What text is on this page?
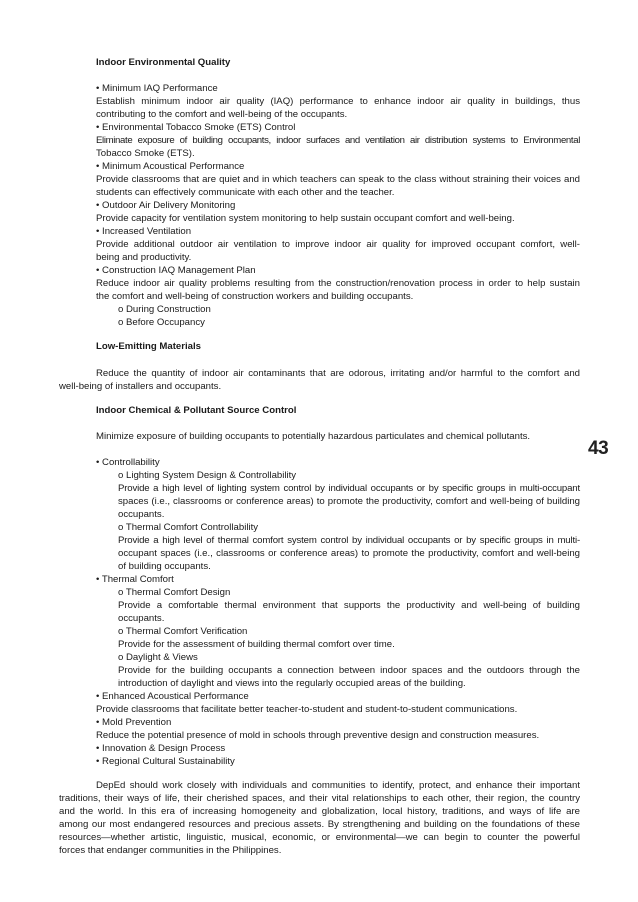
Indoor Environmental Quality

• Minimum IAQ Performance

Establish minimum indoor air quality (IAQ) performance to enhance indoor air quality in buildings, thus

contributing to the comfort and well-being of the occupants.

• Environmental Tobacco Smoke (ETS) Control

Eliminate exposure of building occupants, indoor surfaces and ventilation air distribution systems to Environmental

Tobacco Smoke (ETS).

• Minimum Acoustical Performance

Provide classrooms that are quiet and in which teachers can speak to the class without straining their voices and

students can effectively communicate with each other and the teacher.

• Outdoor Air Delivery Monitoring

Provide capacity for ventilation system monitoring to help sustain occupant comfort and well-being.

• Increased Ventilation

Provide additional outdoor air ventilation to improve indoor air quality for improved occupant comfort, well-

being and productivity.

• Construction IAQ Management Plan

Reduce indoor air quality problems resulting from the construction/renovation process in order to help sustain

the comfort and well-being of construction workers and building occupants.

o During Construction

o Before Occupancy

Low-Emitting Materials

Reduce the quantity of indoor air contaminants that are odorous, irritating and/or harmful to the comfort and

well-being of installers and occupants.

Indoor Chemical & Pollutant Source Control

Minimize exposure of building occupants to potentially hazardous particulates and chemical pollutants.

• Controllability

o Lighting System Design & Controllability

Provide a high level of lighting system control by individual occupants or by specific groups in multi-occupant

spaces (i.e., classrooms or conference areas) to promote the productivity, comfort and well-being of building

occupants.

o Thermal Comfort Controllability

Provide a high level of thermal comfort system control by individual occupants or by specific groups in multi-

occupant spaces (i.e., classrooms or conference areas) to promote the productivity, comfort and well-being

of building occupants.

• Thermal Comfort

o Thermal Comfort Design

Provide a comfortable thermal environment that supports the productivity and well-being of building

occupants.

o Thermal Comfort Verification

Provide for the assessment of building thermal comfort over time.

o Daylight & Views

Provide for the building occupants a connection between indoor spaces and the outdoors through the

introduction of daylight and views into the regularly occupied areas of the building.

• Enhanced Acoustical Performance

Provide classrooms that facilitate better teacher-to-student and student-to-student communications.

• Mold Prevention

Reduce the potential presence of mold in schools through preventive design and construction measures.

• Innovation & Design Process

• Regional Cultural Sustainability

DepEd should work closely with individuals and communities to identify, protect, and enhance their important

traditions, their ways of life, their cherished spaces, and their vital relationships to each other, their region, the country

and the world. In this era of increasing homogeneity and globalization, local history, traditions, and ways of life are

among our most endangered resources and precious assets. By strengthening and building on the foundations of these

resources—whether artistic, linguistic, musical, economic, or environmental—we can begin to counter the powerful

forces that endanger communities in the Philippines.

43
